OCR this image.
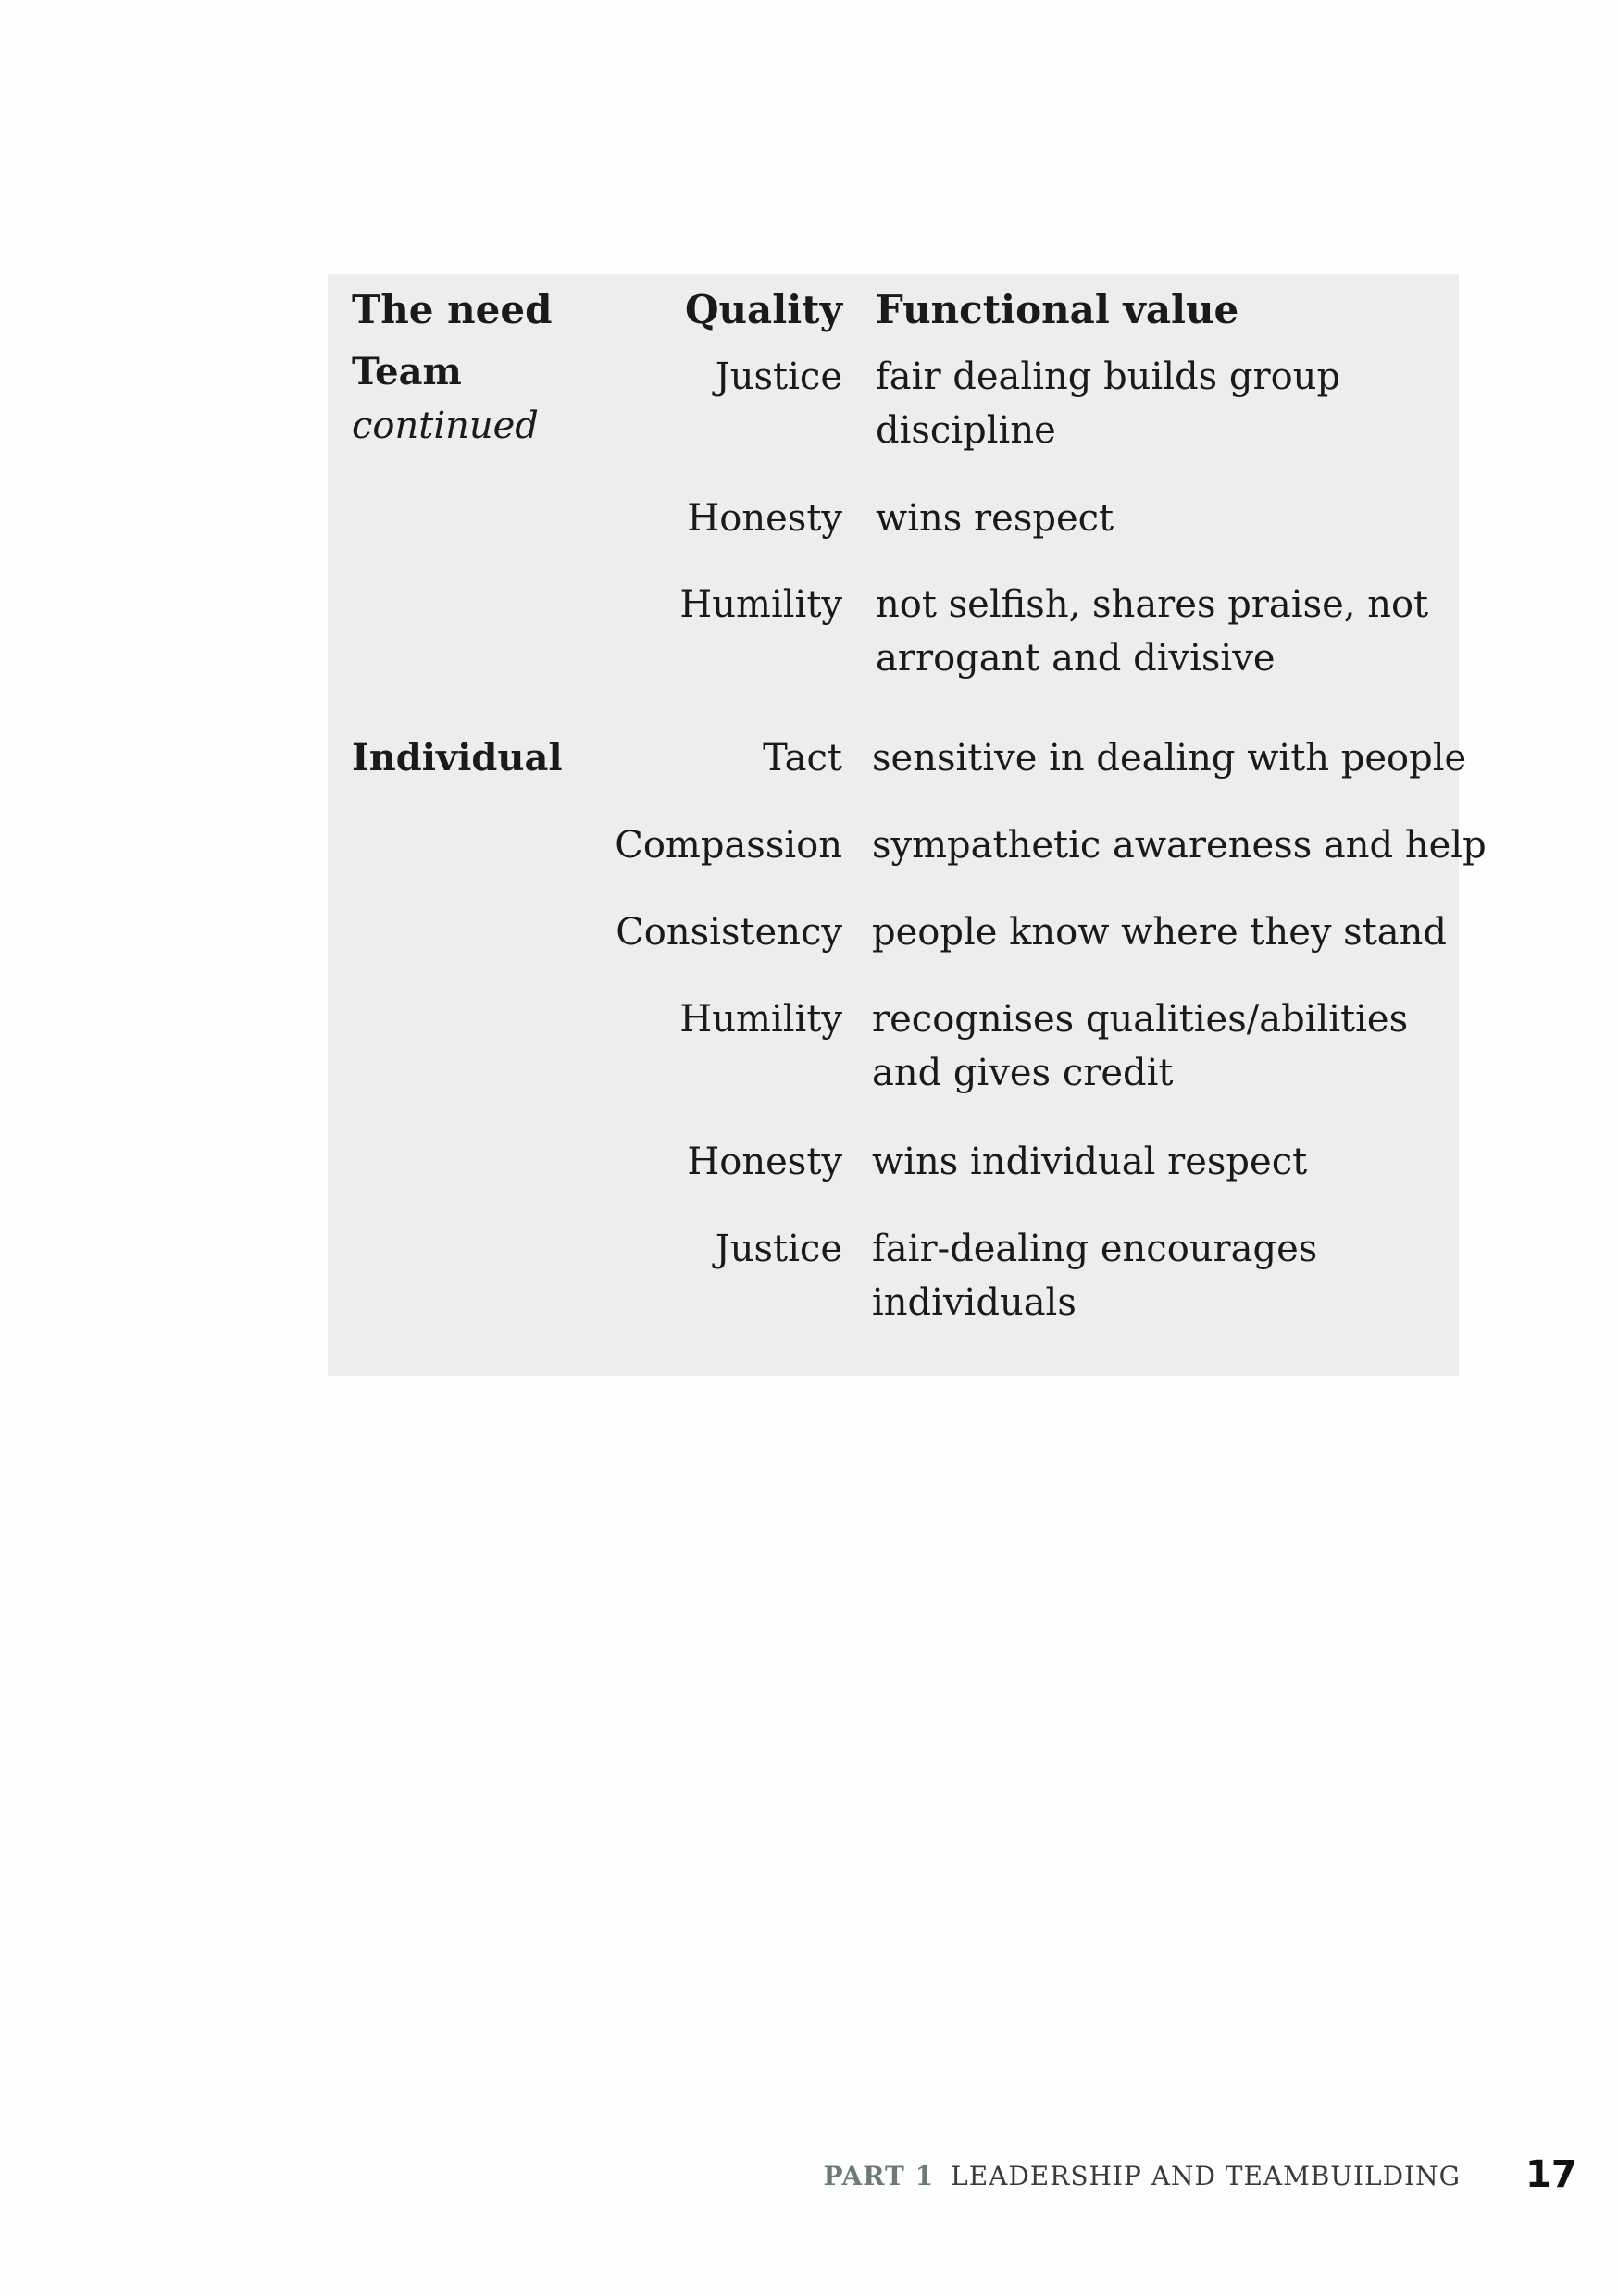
The need	Quality Functional value
Team
continued
Justice fair dealing builds group
discipline
Honesty wins respect
Humility not selfish, shares praise, not
arrogant and divisive
Individual	Tact sensitive in dealing with people
Compassion sympathetic awareness and help
Consistency people know where they stand
Humility recognises qualities/abilities
and gives credit
Honesty wins individual respect
Justice fair-dealing encourages
individuals
PART 1 LEADERSHIP AND TEAMBUILDING 17
